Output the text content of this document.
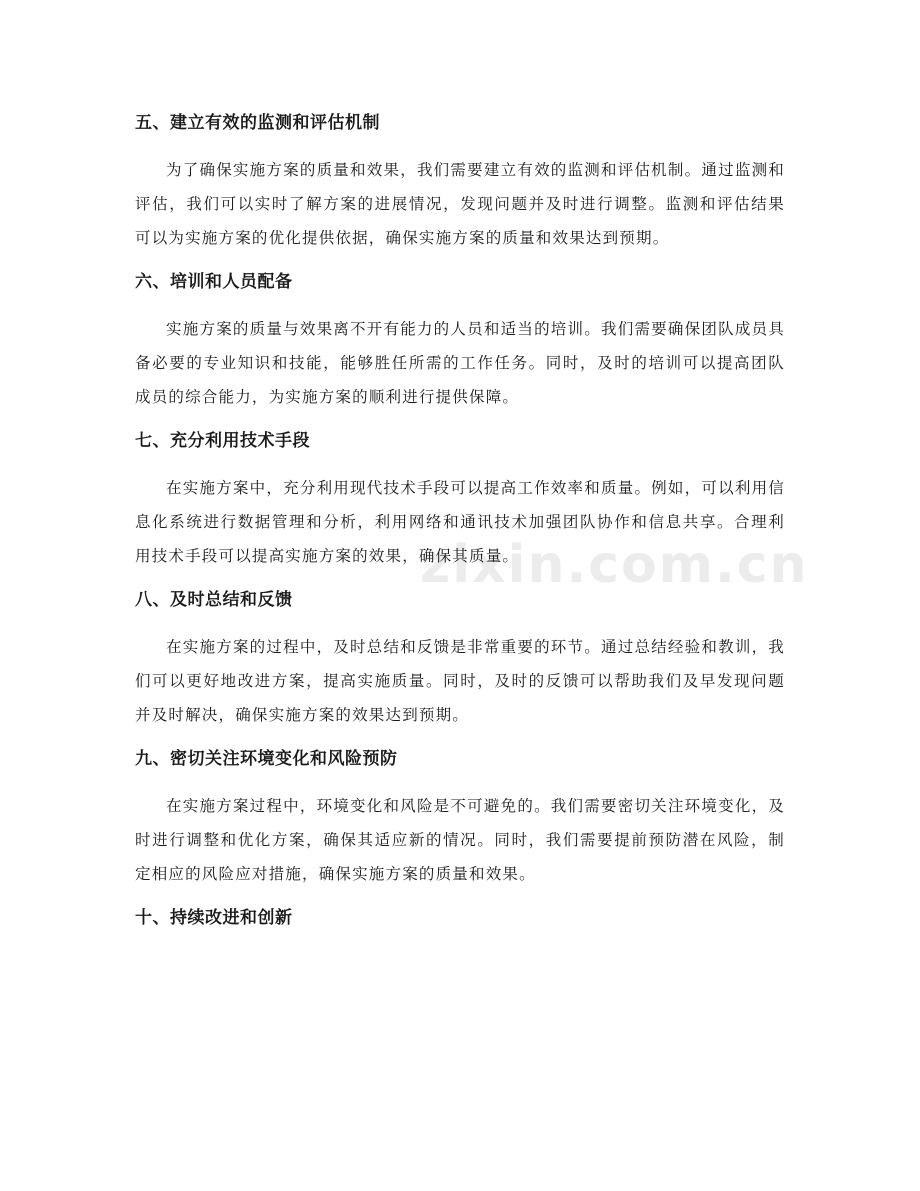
zixin.com.cn
五、建立有效的监测和评估机制

为了确保实施方案的质量和效果，我们需要建立有效的监测和评估机制。通过监测和评估，我们可以实时了解方案的进展情况，发现问题并及时进行调整。监测和评估结果可以为实施方案的优化提供依据，确保实施方案的质量和效果达到预期。

六、培训和人员配备

实施方案的质量与效果离不开有能力的人员和适当的培训。我们需要确保团队成员具备必要的专业知识和技能，能够胜任所需的工作任务。同时，及时的培训可以提高团队成员的综合能力，为实施方案的顺利进行提供保障。

七、充分利用技术手段

在实施方案中，充分利用现代技术手段可以提高工作效率和质量。例如，可以利用信息化系统进行数据管理和分析，利用网络和通讯技术加强团队协作和信息共享。合理利用技术手段可以提高实施方案的效果，确保其质量。

八、及时总结和反馈

在实施方案的过程中，及时总结和反馈是非常重要的环节。通过总结经验和教训，我们可以更好地改进方案，提高实施质量。同时，及时的反馈可以帮助我们及早发现问题并及时解决，确保实施方案的效果达到预期。

九、密切关注环境变化和风险预防

在实施方案过程中，环境变化和风险是不可避免的。我们需要密切关注环境变化，及时进行调整和优化方案，确保其适应新的情况。同时，我们需要提前预防潜在风险，制定相应的风险应对措施，确保实施方案的质量和效果。

十、持续改进和创新
